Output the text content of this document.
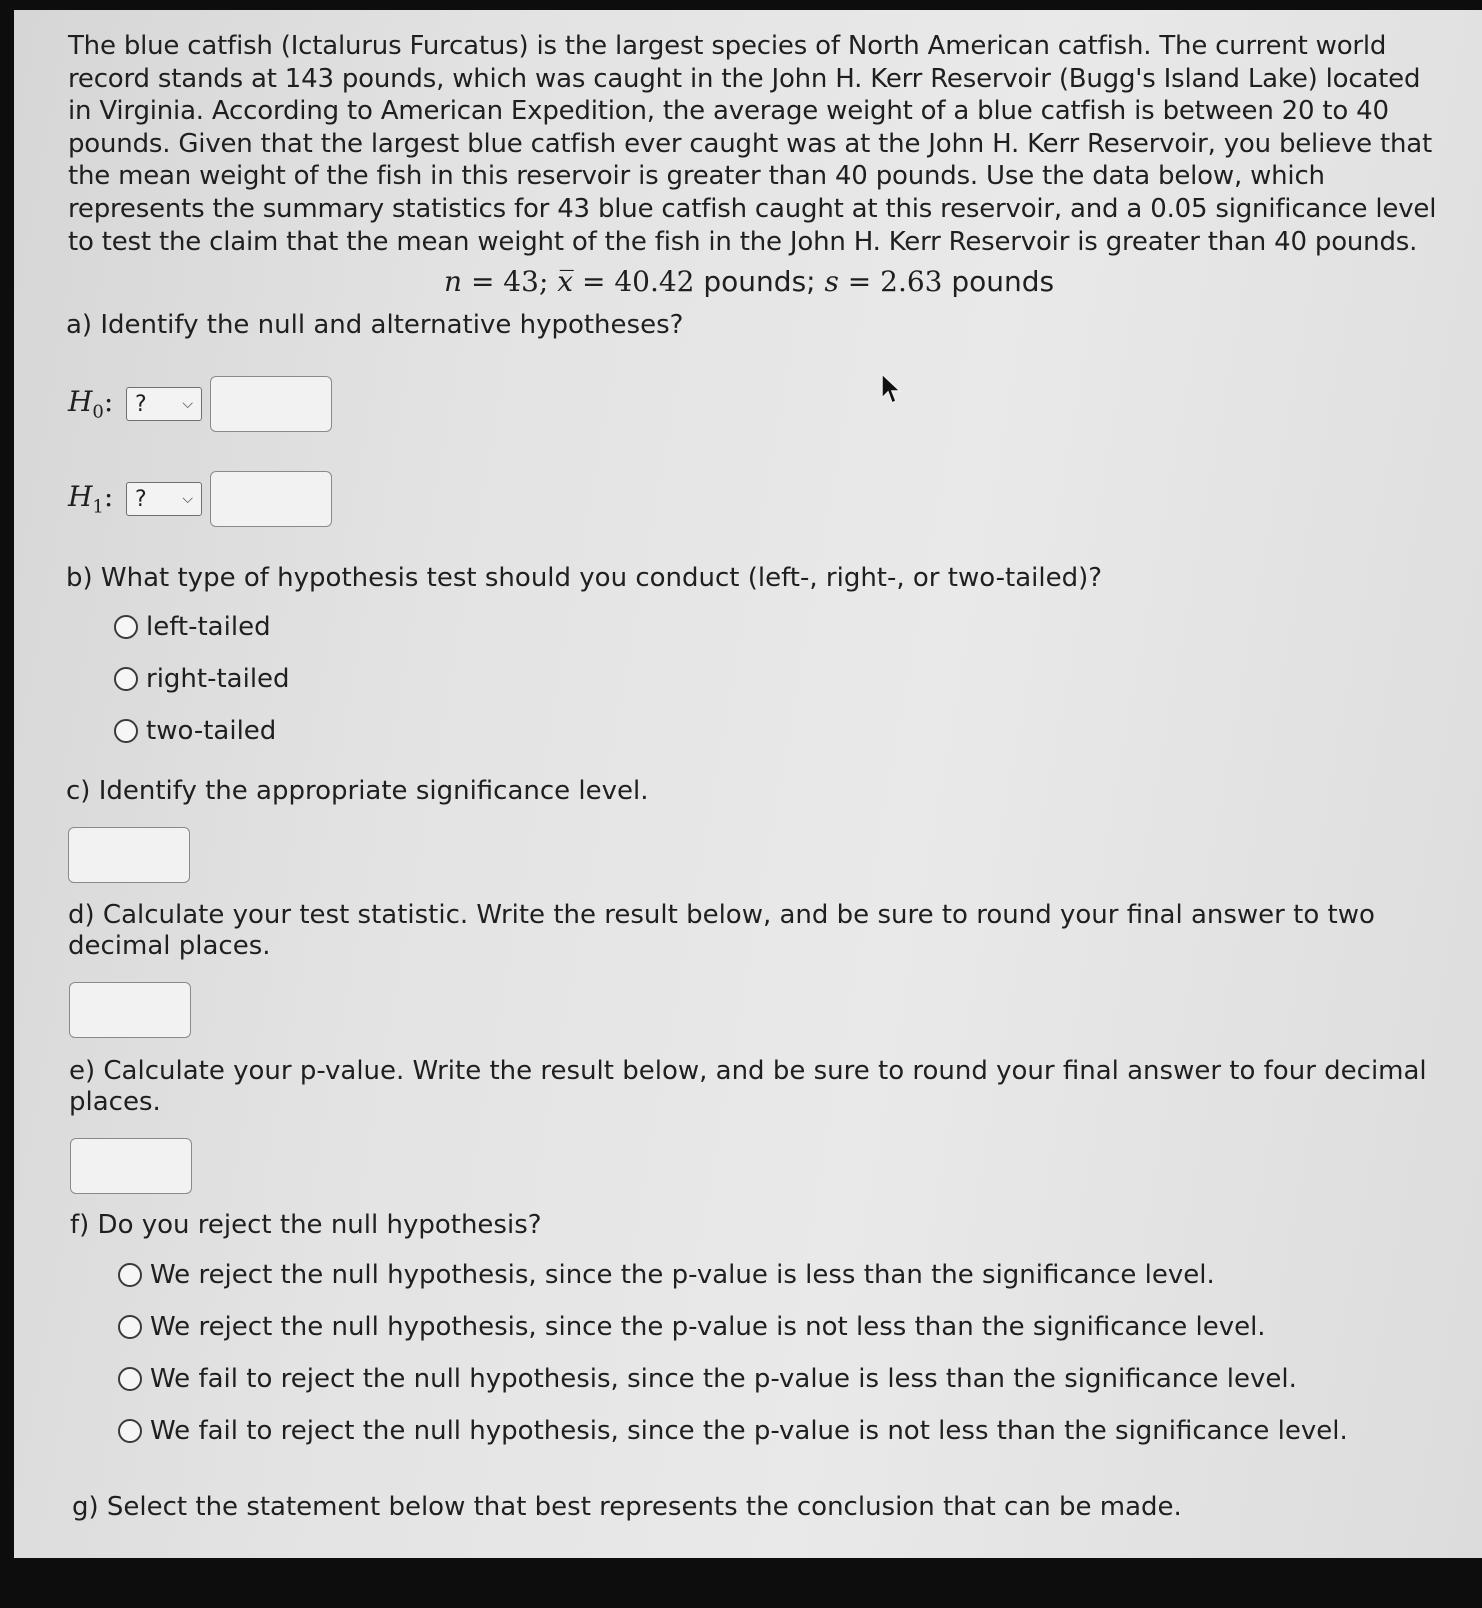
The blue catfish (Ictalurus Furcatus) is the largest species of North American catfish. The current world record stands at 143 pounds, which was caught in the John H. Kerr Reservoir (Bugg's Island Lake) located in Virginia. According to American Expedition, the average weight of a blue catfish is between 20 to 40 pounds. Given that the largest blue catfish ever caught was at the John H. Kerr Reservoir, you believe that the mean weight of the fish in this reservoir is greater than 40 pounds. Use the data below, which represents the summary statistics for 43 blue catfish caught at this reservoir, and a 0.05 significance level to test the claim that the mean weight of the fish in the John H. Kerr Reservoir is greater than 40 pounds.
n = 43; x̅ = 40.42 pounds; s = 2.63 pounds
a) Identify the null and alternative hypotheses?
$H_0$: ?	⌵
$H_1$: ?	⌵
b) What type of hypothesis test should you conduct (left-, right-, or two-tailed)?
left-tailed
right-tailed
two-tailed
c) Identify the appropriate significance level.
d) Calculate your test statistic. Write the result below, and be sure to round your final answer to two
decimal places.
e) Calculate your p-value. Write the result below, and be sure to round your final answer to four decimal
places.
f) Do you reject the null hypothesis?
We reject the null hypothesis, since the p-value is less than the significance level.
We reject the null hypothesis, since the p-value is not less than the significance level.
We fail to reject the null hypothesis, since the p-value is less than the significance level.
We fail to reject the null hypothesis, since the p-value is not less than the significance level.
g) Select the statement below that best represents the conclusion that can be made.
